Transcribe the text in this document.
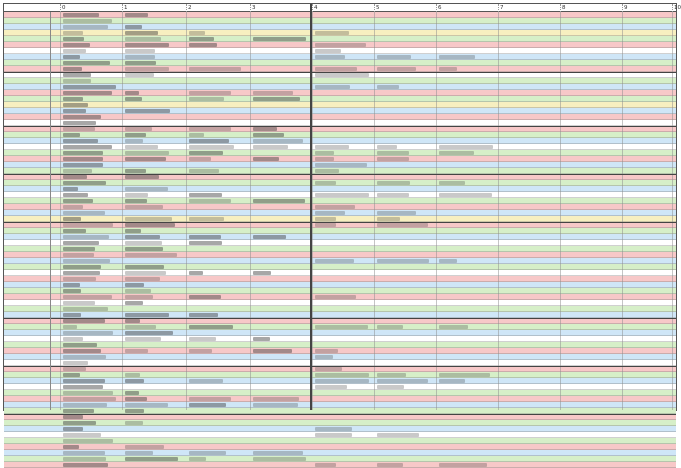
0	1	2	3	4	5	6	7	8	9	10
